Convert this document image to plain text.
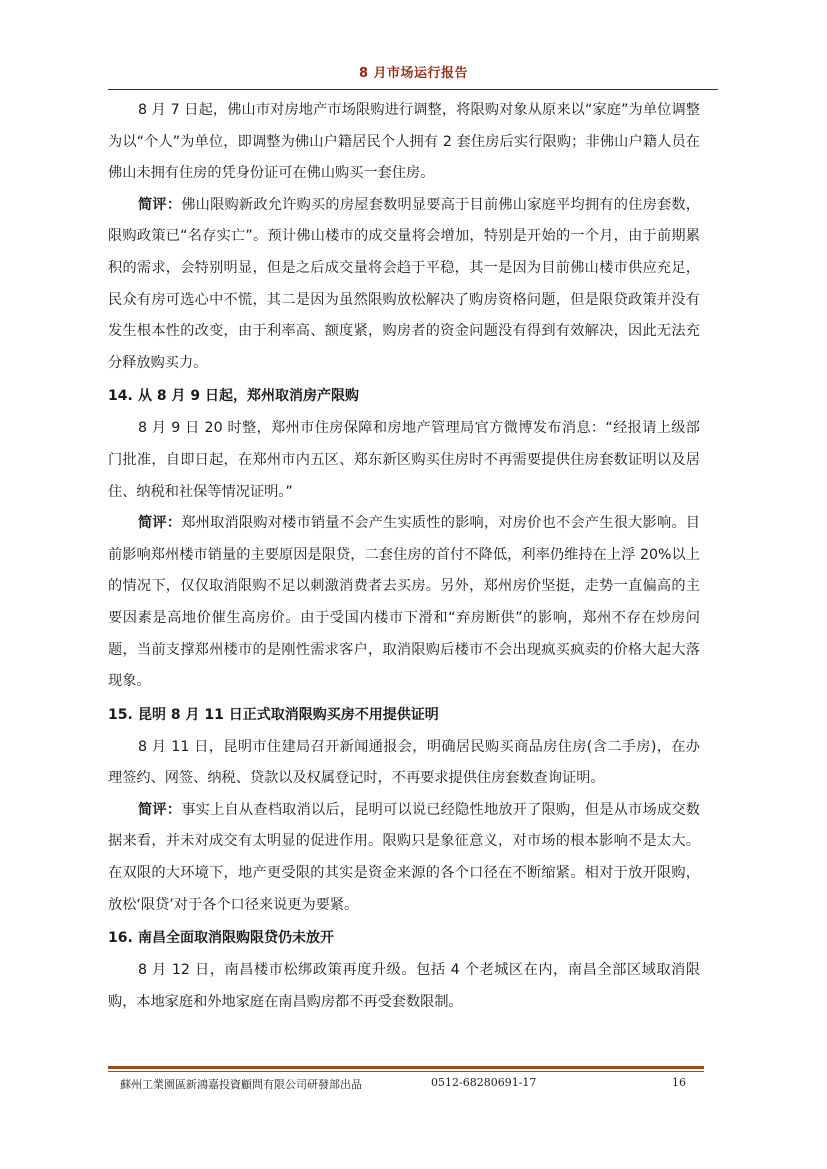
8 月市场运行报告

8 月 7 日起，佛山市对房地产市场限购进行调整，将限购对象从原来以“家庭”为单位调整为以“个人”为单位，即调整为佛山户籍居民个人拥有 2 套住房后实行限购；非佛山户籍人员在佛山未拥有住房的凭身份证可在佛山购买一套住房。

简评：佛山限购新政允许购买的房屋套数明显要高于目前佛山家庭平均拥有的住房套数，限购政策已“名存实亡”。预计佛山楼市的成交量将会增加，特别是开始的一个月，由于前期累积的需求，会特别明显，但是之后成交量将会趋于平稳，其一是因为目前佛山楼市供应充足，民众有房可选心中不慌，其二是因为虽然限购放松解决了购房资格问题，但是限贷政策并没有发生根本性的改变，由于利率高、额度紧，购房者的资金问题没有得到有效解决，因此无法充分释放购买力。

14. 从 8 月 9 日起，郑州取消房产限购

8 月 9 日 20 时整，郑州市住房保障和房地产管理局官方微博发布消息：“经报请上级部门批准，自即日起，在郑州市内五区、郑东新区购买住房时不再需要提供住房套数证明以及居住、纳税和社保等情况证明。”

简评：郑州取消限购对楼市销量不会产生实质性的影响，对房价也不会产生很大影响。目前影响郑州楼市销量的主要原因是限贷，二套住房的首付不降低，利率仍维持在上浮 20%以上的情况下，仅仅取消限购不足以刺激消费者去买房。另外，郑州房价坚挺，走势一直偏高的主要因素是高地价催生高房价。由于受国内楼市下滑和“弃房断供”的影响，郑州不存在炒房问题，当前支撑郑州楼市的是刚性需求客户，取消限购后楼市不会出现疯买疯卖的价格大起大落现象。

15. 昆明 8 月 11 日正式取消限购买房不用提供证明

8 月 11 日，昆明市住建局召开新闻通报会，明确居民购买商品房住房(含二手房)，在办理签约、网签、纳税、贷款以及权属登记时，不再要求提供住房套数查询证明。

简评：事实上自从查档取消以后，昆明可以说已经隐性地放开了限购，但是从市场成交数据来看，并未对成交有太明显的促进作用。限购只是象征意义，对市场的根本影响不是太大。在双限的大环境下，地产更受限的其实是资金来源的各个口径在不断缩紧。相对于放开限购，放松‘限贷’对于各个口径来说更为要紧。

16. 南昌全面取消限购限贷仍未放开

8 月 12 日，南昌楼市松绑政策再度升级。包括 4 个老城区在内，南昌全部区域取消限购，本地家庭和外地家庭在南昌购房都不再受套数限制。

蘇州工業園區新鴻嘉投資顧問有限公司研發部出品	0512-68280691-17	16
